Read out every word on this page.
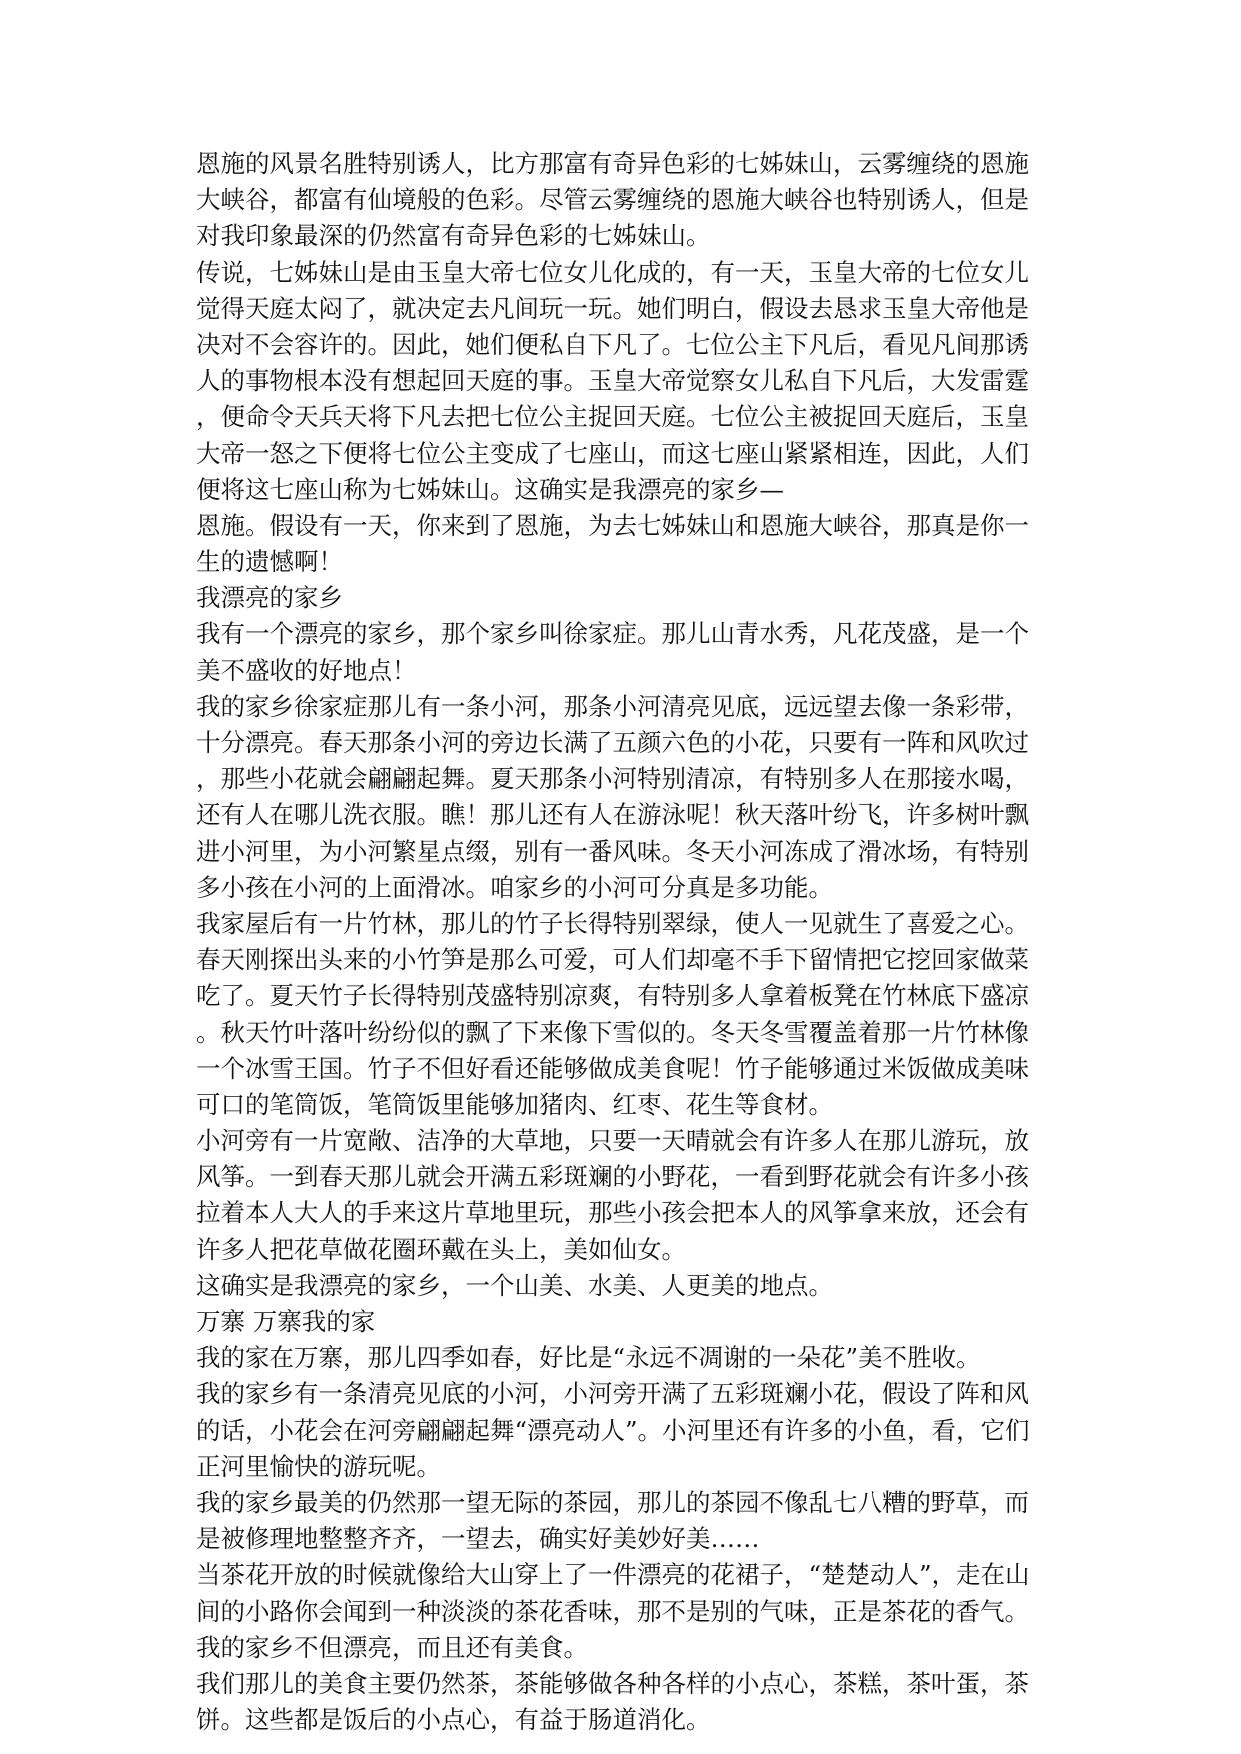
恩施的风景名胜特别诱人，比方那富有奇异色彩的七姊妹山，云雾缠绕的恩施
大峡谷，都富有仙境般的色彩。尽管云雾缠绕的恩施大峡谷也特别诱人，但是
对我印象最深的仍然富有奇异色彩的七姊妹山。
传说，七姊妹山是由玉皇大帝七位女儿化成的，有一天，玉皇大帝的七位女儿
觉得天庭太闷了，就决定去凡间玩一玩。她们明白，假设去恳求玉皇大帝他是
决对不会容许的。因此，她们便私自下凡了。七位公主下凡后，看见凡间那诱
人的事物根本没有想起回天庭的事。玉皇大帝觉察女儿私自下凡后，大发雷霆
，便命令天兵天将下凡去把七位公主捉回天庭。七位公主被捉回天庭后，玉皇
大帝一怒之下便将七位公主变成了七座山，而这七座山紧紧相连，因此，人们
便将这七座山称为七姊妹山。这确实是我漂亮的家乡—
恩施。假设有一天，你来到了恩施，为去七姊妹山和恩施大峡谷，那真是你一
生的遗憾啊！
我漂亮的家乡
我有一个漂亮的家乡，那个家乡叫徐家症。那儿山青水秀，凡花茂盛，是一个
美不盛收的好地点！
我的家乡徐家症那儿有一条小河，那条小河清亮见底，远远望去像一条彩带，
十分漂亮。春天那条小河的旁边长满了五颜六色的小花，只要有一阵和风吹过
，那些小花就会翩翩起舞。夏天那条小河特别清凉，有特别多人在那接水喝，
还有人在哪儿洗衣服。瞧！那儿还有人在游泳呢！秋天落叶纷飞，许多树叶飘
进小河里，为小河繁星点缀，别有一番风味。冬天小河冻成了滑冰场，有特别
多小孩在小河的上面滑冰。咱家乡的小河可分真是多功能。
我家屋后有一片竹林，那儿的竹子长得特别翠绿，使人一见就生了喜爱之心。
春天刚探出头来的小竹笋是那么可爱，可人们却毫不手下留情把它挖回家做菜
吃了。夏天竹子长得特别茂盛特别凉爽，有特别多人拿着板凳在竹林底下盛凉
。秋天竹叶落叶纷纷似的飘了下来像下雪似的。冬天冬雪覆盖着那一片竹林像
一个冰雪王国。竹子不但好看还能够做成美食呢！竹子能够通过米饭做成美味
可口的笔筒饭，笔筒饭里能够加猪肉、红枣、花生等食材。
小河旁有一片宽敞、洁净的大草地，只要一天晴就会有许多人在那儿游玩，放
风筝。一到春天那儿就会开满五彩斑斓的小野花，一看到野花就会有许多小孩
拉着本人大人的手来这片草地里玩，那些小孩会把本人的风筝拿来放，还会有
许多人把花草做花圈环戴在头上，美如仙女。
这确实是我漂亮的家乡，一个山美、水美、人更美的地点。
万寨 万寨我的家
我的家在万寨，那儿四季如春，好比是“永远不凋谢的一朵花”美不胜收。
我的家乡有一条清亮见底的小河，小河旁开满了五彩斑斓小花，假设了阵和风
的话，小花会在河旁翩翩起舞“漂亮动人”。小河里还有许多的小鱼，看，它们
正河里愉快的游玩呢。
我的家乡最美的仍然那一望无际的茶园，那儿的茶园不像乱七八糟的野草，而
是被修理地整整齐齐，一望去，确实好美妙好美……
当茶花开放的时候就像给大山穿上了一件漂亮的花裙子，“楚楚动人”，走在山
间的小路你会闻到一种淡淡的茶花香味，那不是别的气味，正是茶花的香气。
我的家乡不但漂亮，而且还有美食。
我们那儿的美食主要仍然茶，茶能够做各种各样的小点心，茶糕，茶叶蛋，茶
饼。这些都是饭后的小点心，有益于肠道消化。
